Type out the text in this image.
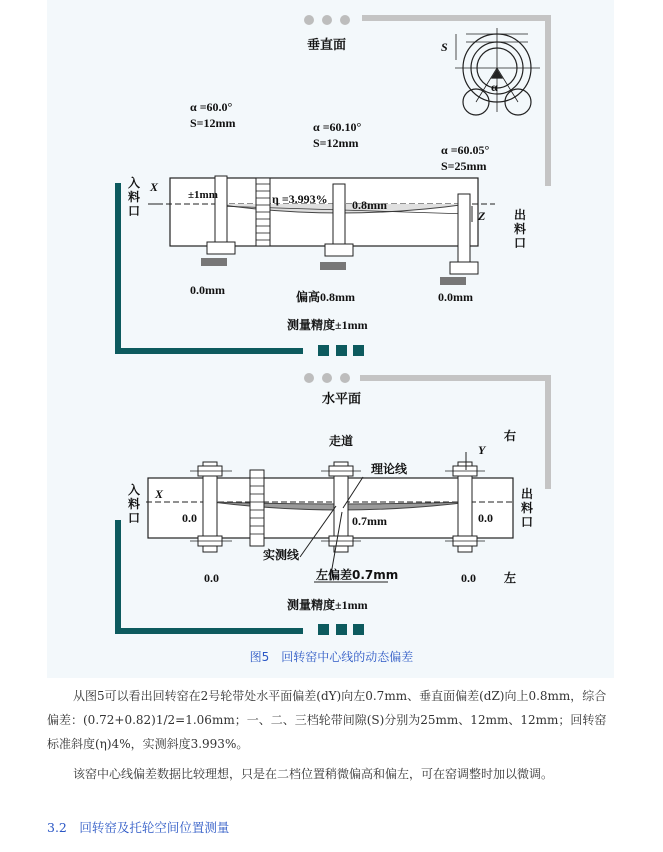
垂直面	S
α
α =60.0°
S=12mm	α =60.10°
S=12mm	α =60.05°
S=25mm
入料口
X
±1mm	η =3.993% 0.8mm
Z 出料口
0.0mm	偏高0.8mm	0.0mm
测量精度±1mm
水平面
走道
Y
右
理论线
入料口
X	出料口
0.0	0.7mm	0.0
实测线
0.0	左偏差0.7mm	0.0 左
测量精度±1mm
图5　回转窑中心线的动态偏差
从图5可以看出回转窑在2号轮带处水平面偏差(dY)向左0.7mm、垂直面偏差(dZ)向上0.8mm，综合偏差：(0.72+0.82)1/2=1.06mm；一、二、三档轮带间隙(S)分别为25mm、12mm、12mm；回转窑标准斜度(η)4%，实测斜度3.993%。
该窑中心线偏差数据比较理想，只是在二档位置稍微偏高和偏左，可在窑调整时加以微调。
3.2　回转窑及托轮空间位置测量
